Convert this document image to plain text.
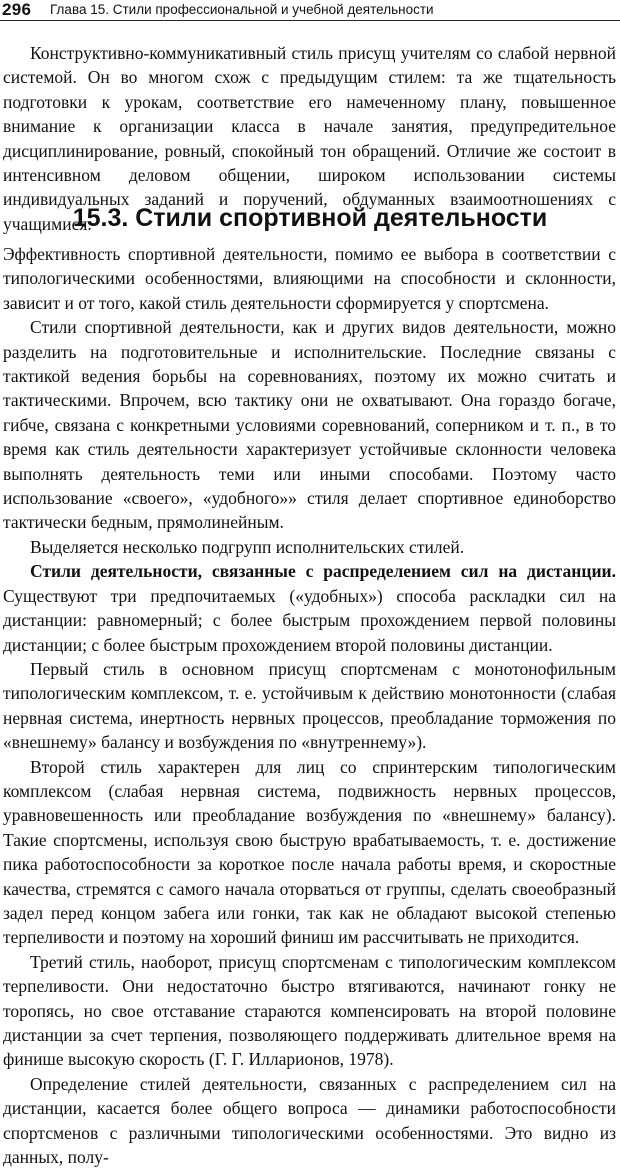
296 Глава 15. Стили профессиональной и учебной деятельности

Конструктивно-коммуникативный стиль присущ учителям со слабой нервной системой. Он во многом схож с предыдущим стилем: та же тщательность подготовки к урокам, соответствие его намеченному плану, повышенное внимание к организации класса в начале занятия, предупредительное дисциплинирование, ровный, спокойный тон обращений. Отличие же состоит в интенсивном деловом общении, широком использовании системы индивидуальных заданий и поручений, обдуманных взаимоотношениях с учащимися.

15.3. Стили спортивной деятельности

Эффективность спортивной деятельности, помимо ее выбора в соответствии с типологическими особенностями, влияющими на способности и склонности, зависит и от того, какой стиль деятельности сформируется у спортсмена.

Стили спортивной деятельности, как и других видов деятельности, можно разделить на подготовительные и исполнительские. Последние связаны с тактикой ведения борьбы на соревнованиях, поэтому их можно считать и тактическими. Впрочем, всю тактику они не охватывают. Она гораздо богаче, гибче, связана с конкретными условиями соревнований, соперником и т. п., в то время как стиль деятельности характеризует устойчивые склонности человека выполнять деятельность теми или иными способами. Поэтому часто использование «своего», «удобного»» стиля делает спортивное единоборство тактически бедным, прямолинейным.

Выделяется несколько подгрупп исполнительских стилей.

Стили деятельности, связанные с распределением сил на дистанции. Существуют три предпочитаемых («удобных») способа раскладки сил на дистанции: равномерный; с более быстрым прохождением первой половины дистанции; с более быстрым прохождением второй половины дистанции.

Первый стиль в основном присущ спортсменам с монотонофильным типологическим комплексом, т. е. устойчивым к действию монотонности (слабая нервная система, инертность нервных процессов, преобладание торможения по «внешнему» балансу и возбуждения по «внутреннему»).

Второй стиль характерен для лиц со спринтерским типологическим комплексом (слабая нервная система, подвижность нервных процессов, уравновешенность или преобладание возбуждения по «внешнему» балансу). Такие спортсмены, используя свою быструю врабатываемость, т. е. достижение пика работоспособности за короткое после начала работы время, и скоростные качества, стремятся с самого начала оторваться от группы, сделать своеобразный задел перед концом забега или гонки, так как не обладают высокой степенью терпеливости и поэтому на хороший финиш им рассчитывать не приходится.

Третий стиль, наоборот, присущ спортсменам с типологическим комплексом терпеливости. Они недостаточно быстро втягиваются, начинают гонку не торопясь, но свое отставание стараются компенсировать на второй половине дистанции за счет терпения, позволяющего поддерживать длительное время на финише высокую скорость (Г. Г. Илларионов, 1978).

Определение стилей деятельности, связанных с распределением сил на дистанции, касается более общего вопроса — динамики работоспособности спортсменов с различными типологическими особенностями. Это видно из данных, полу-
